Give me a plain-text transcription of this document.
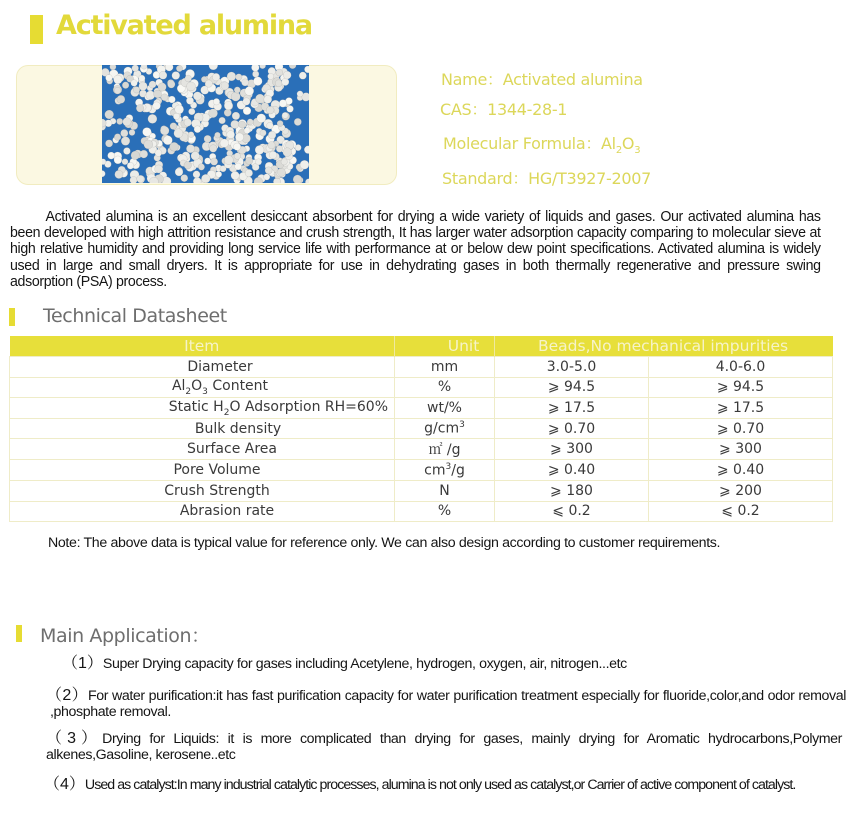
Activated alumina
Name：Activated alumina
CAS：1344-28-1
Molecular Formula：$Al_2O_3$
Standard：HG/T3927-2007
Activated alumina is an excellent desiccant absorbent for drying a wide variety of liquids and gases. Our activated alumina has been developed with high attrition resistance and crush strength, It has larger water adsorption capacity comparing to molecular sieve at high relative humidity and providing long service life with performance at or below dew point specifications. Activated alumina is widely used in large and small dryers. It is appropriate for use in dehydrating gases in both thermally regenerative and pressure swing adsorption (PSA) process.
Technical Datasheet
Item	Unit	Beads,No mechanical impurities	
Diameter	mm	3.0-5.0	4.0-6.0
$Al_2O_3$ Content	%	⩾ 94.5	⩾ 94.5
Static $H_2O$ Adsorption RH=60%	wt/%	⩾ 17.5	⩾ 17.5
Bulk density	$g/cm^3$	⩾ 0.70	⩾ 0.70
Surface Area	㎡ /g	⩾ 300	⩾ 300
Pore Volume	$cm^3/g$	⩾ 0.40	⩾ 0.40
Crush Strength	N	⩾ 180	⩾ 200
Abrasion rate	%	⩽ 0.2	⩽ 0.2
Note: The above data is typical value for reference only. We can also design according to customer requirements.
Main Application：
（1）Super Drying capacity for gases including Acetylene, hydrogen, oxygen, air, nitrogen...etc
（2）For water purification:it has fast purification capacity for water purification treatment especially for fluoride,color,and odor removal ,phosphate removal.
（3）Drying for Liquids: it is more complicated than drying for gases, mainly drying for Aromatic hydrocarbons,Polymer alkenes,Gasoline, kerosene..etc
（4）Used as catalyst:In many industrial catalytic processes, alumina is not only used as catalyst,or Carrier of active component of catalyst.
